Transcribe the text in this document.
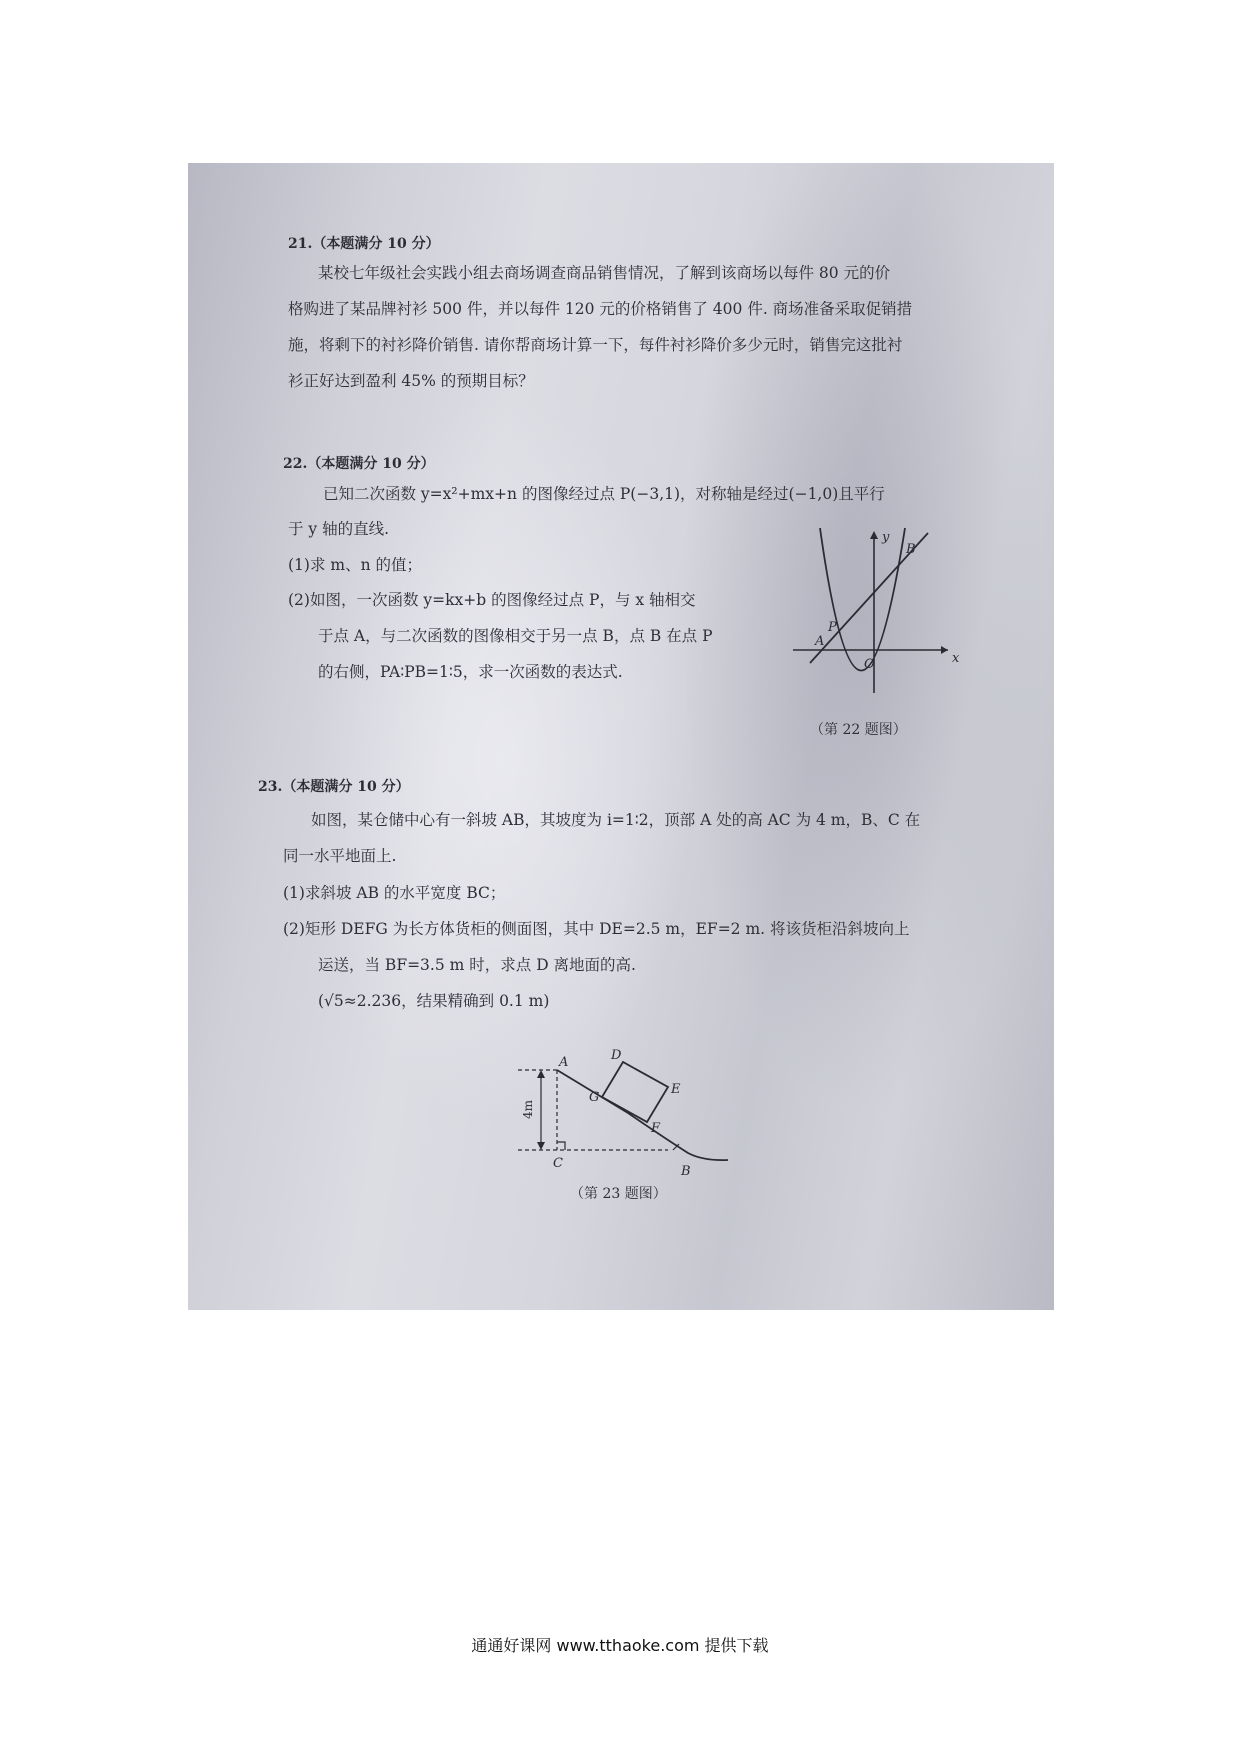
21.（本题满分 10 分）
某校七年级社会实践小组去商场调查商品销售情况，了解到该商场以每件 80 元的价
格购进了某品牌衬衫 500 件，并以每件 120 元的价格销售了 400 件. 商场准备采取促销措
施，将剩下的衬衫降价销售. 请你帮商场计算一下，每件衬衫降价多少元时，销售完这批衬
衫正好达到盈利 45% 的预期目标？
22.（本题满分 10 分）
已知二次函数 y=x²+mx+n 的图像经过点 P(−3,1)，对称轴是经过(−1,0)且平行
于 y 轴的直线.
(1)求 m、n 的值；
(2)如图，一次函数 y=kx+b 的图像经过点 P，与 x 轴相交
于点 A，与二次函数的图像相交于另一点 B，点 B 在点 P
的右侧，PA∶PB=1∶5，求一次函数的表达式.
y
x
B
P
A
O
（第 22 题图）
23.（本题满分 10 分）
如图，某仓储中心有一斜坡 AB，其坡度为 i=1∶2，顶部 A 处的高 AC 为 4 m，B、C 在
同一水平地面上.
(1)求斜坡 AB 的水平宽度 BC；
(2)矩形 DEFG 为长方体货柜的侧面图，其中 DE=2.5 m，EF=2 m. 将该货柜沿斜坡向上
运送，当 BF=3.5 m 时，求点 D 离地面的高.
(√5≈2.236，结果精确到 0.1 m)
A	D
G
E
F
C
B
4m
（第 23 题图）
通通好课网 www.tthaoke.com 提供下载
